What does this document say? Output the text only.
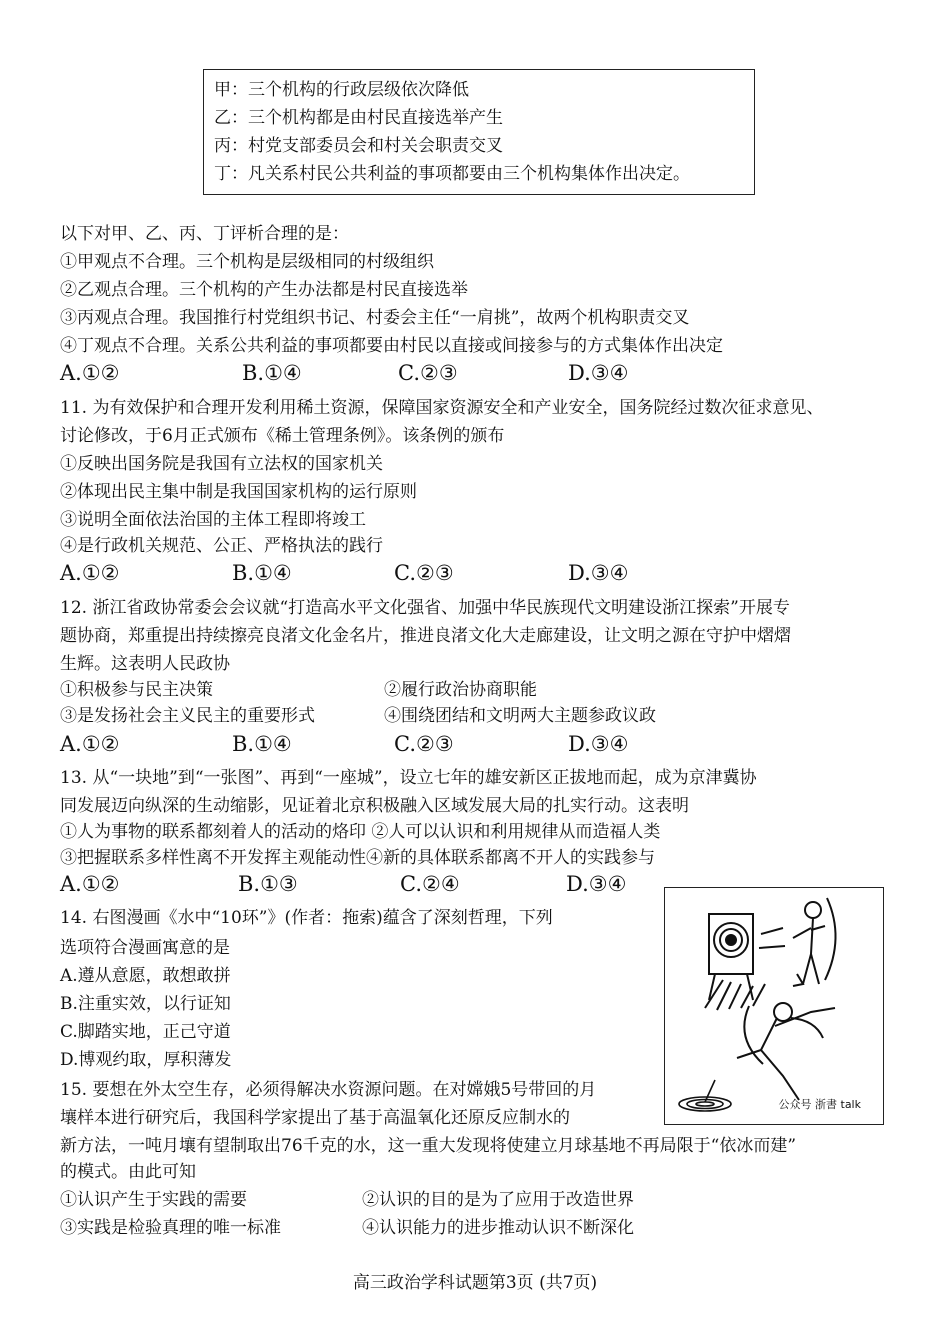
甲：三个机构的行政层级依次降低
乙：三个机构都是由村民直接选举产生
丙：村党支部委员会和村关会职责交叉
丁：凡关系村民公共利益的事项都要由三个机构集体作出决定。
以下对甲、乙、丙、丁评析合理的是：
①甲观点不合理。三个机构是层级相同的村级组织
②乙观点合理。三个机构的产生办法都是村民直接选举
③丙观点合理。我国推行村党组织书记、村委会主任“一肩挑”，故两个机构职责交叉
④丁观点不合理。关系公共利益的事项都要由村民以直接或间接参与的方式集体作出决定
A.①②	B.①④	C.②③	D.③④
11. 为有效保护和合理开发利用稀土资源，保障国家资源安全和产业安全，国务院经过数次征求意见、
讨论修改，于6月正式颁布《稀土管理条例》。该条例的颁布
①反映出国务院是我国有立法权的国家机关
②体现出民主集中制是我国国家机构的运行原则
③说明全面依法治国的主体工程即将竣工
④是行政机关规范、公正、严格执法的践行
A.①②	B.①④	C.②③	D.③④
12. 浙江省政协常委会会议就“打造高水平文化强省、加强中华民族现代文明建设浙江探索”开展专
题协商，郑重提出持续擦亮良渚文化金名片，推进良渚文化大走廊建设，让文明之源在守护中熠熠
生辉。这表明人民政协
①积极参与民主决策	②履行政治协商职能
③是发扬社会主义民主的重要形式	④围绕团结和文明两大主题参政议政
A.①②	B.①④	C.②③	D.③④
13. 从“一块地”到“一张图”、再到“一座城”，设立七年的雄安新区正拔地而起，成为京津冀协
同发展迈向纵深的生动缩影，见证着北京积极融入区域发展大局的扎实行动。这表明
①人为事物的联系都刻着人的活动的烙印 ②人可以认识和利用规律从而造福人类
③把握联系多样性离不开发挥主观能动性④新的具体联系都离不开人的实践参与
A.①②	B.①③	C.②④	D.③④
14. 右图漫画《水中“10环”》(作者：拖索)蕴含了深刻哲理，下列
选项符合漫画寓意的是
A.遵从意愿，敢想敢拼
B.注重实效，以行证知
C.脚踏实地，正己守道
D.博观约取，厚积薄发
公众号 浙書 talk
15. 要想在外太空生存，必须得解决水资源问题。在对嫦娥5号带回的月
壤样本进行研究后，我国科学家提出了基于高温氧化还原反应制水的
新方法，一吨月壤有望制取出76千克的水，这一重大发现将使建立月球基地不再局限于“依冰而建”
的模式。由此可知
①认识产生于实践的需要	②认识的目的是为了应用于改造世界
③实践是检验真理的唯一标准	④认识能力的进步推动认识不断深化
高三政治学科试题第3页 (共7页)
